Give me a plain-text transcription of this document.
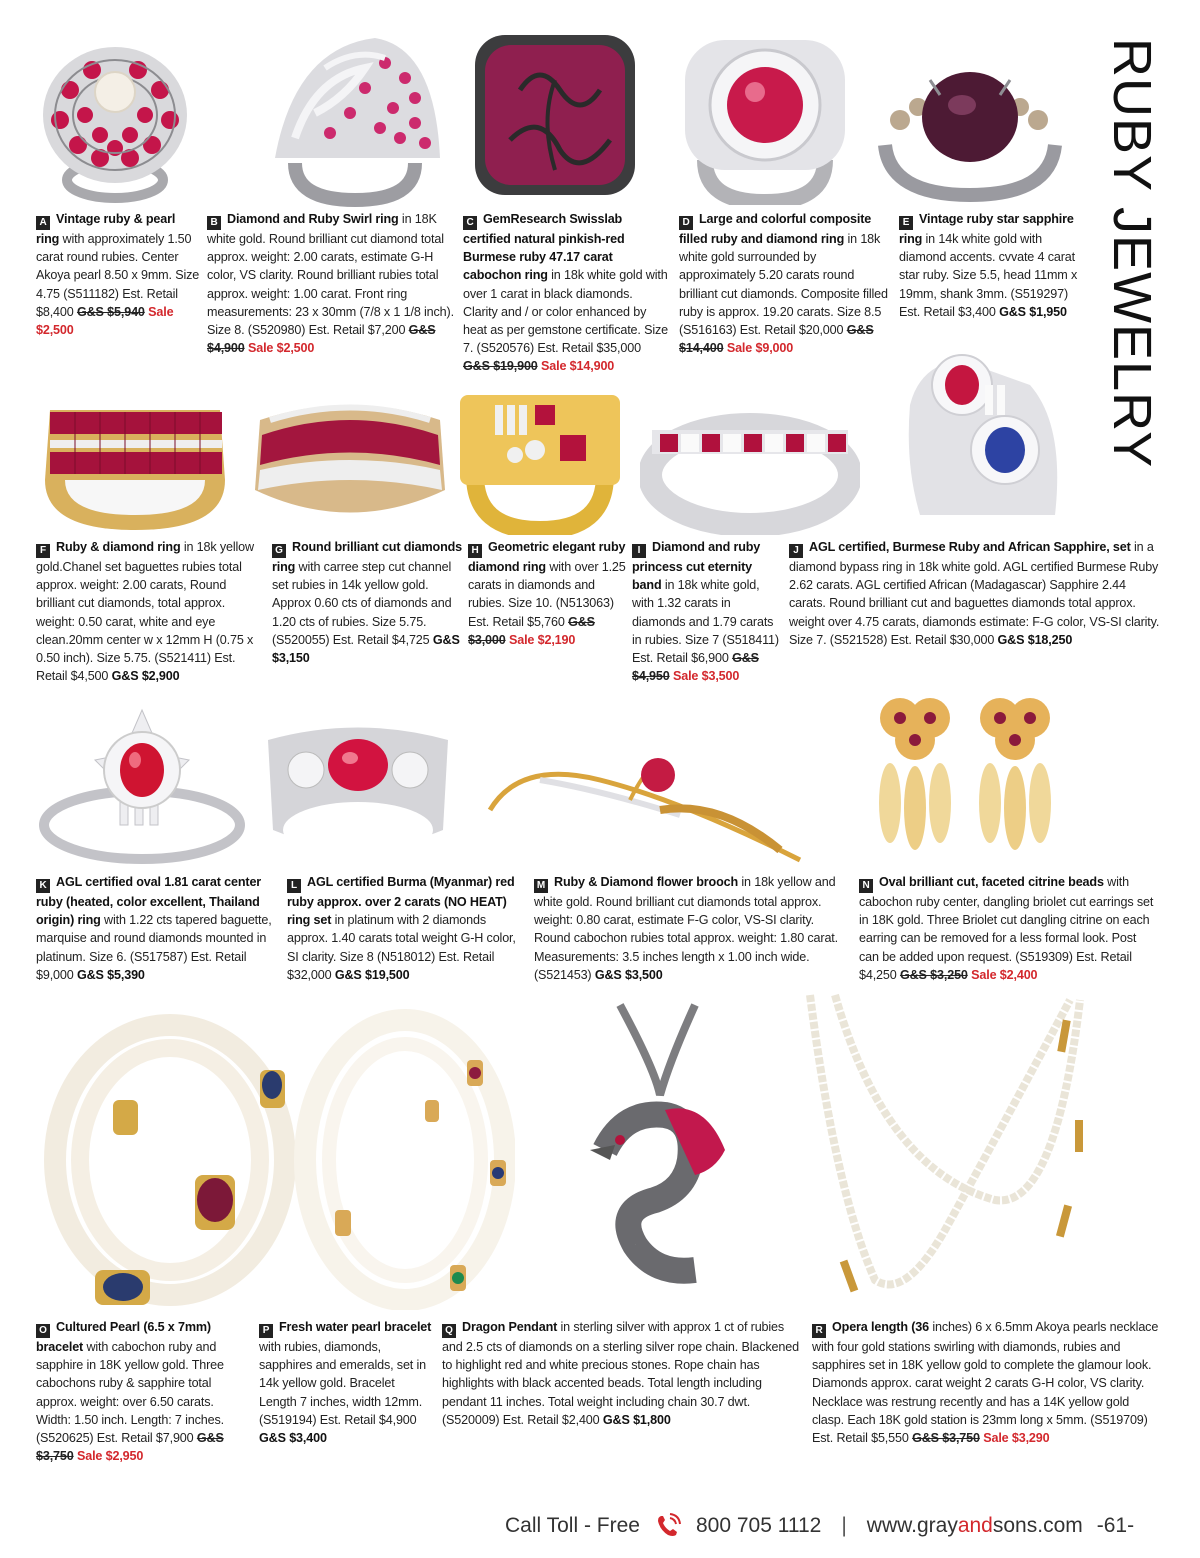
RUBY JEWELRY
A Vintage ruby & pearl ring with approximately 1.50 carat round rubies. Center Akoya pearl 8.50 x 9mm. Size 4.75 (S511182) Est. Retail $8,400 G&S $5,940 Sale $2,500
B Diamond and Ruby Swirl ring in 18K white gold. Round brilliant cut diamond total approx. weight: 2.00 carats, estimate G-H color, VS clarity. Round brilliant rubies total approx. weight: 1.00 carat. Front ring measurements: 23 x 30mm (7/8 x 1 1/8 inch). Size 8. (S520980) Est. Retail $7,200 G&S $4,900 Sale $2,500
C GemResearch Swisslab certified natural pinkish-red Burmese ruby 47.17 carat cabochon ring in 18k white gold with over 1 carat in black diamonds. Clarity and / or color enhanced by heat as per gemstone certificate. Size 7. (S520576) Est. Retail $35,000 G&S $19,900 Sale $14,900
D Large and colorful composite filled ruby and diamond ring in 18k white gold surrounded by approximately 5.20 carats round brilliant cut diamonds. Composite filled ruby is approx. 19.20 carats. Size 8.5 (S516163) Est. Retail $20,000 G&S $14,400 Sale $9,000
E Vintage ruby star sapphire ring in 14k white gold with diamond accents. cvvate 4 carat star ruby. Size 5.5, head 11mm x 19mm, shank 3mm. (S519297) Est. Retail $3,400 G&S $1,950
F Ruby & diamond ring in 18k yellow gold.Chanel set baguettes rubies total approx. weight: 2.00 carats, Round brilliant cut diamonds, total approx. weight: 0.50 carat, white and eye clean.20mm center w x 12mm H (0.75 x 0.50 inch). Size 5.75. (S521411) Est. Retail $4,500 G&S $2,900
G Round brilliant cut diamonds ring with carree step cut channel set rubies in 14k yellow gold. Approx 0.60 cts of diamonds and 1.20 cts of rubies. Size 5.75. (S520055) Est. Retail $4,725 G&S $3,150
H Geometric elegant ruby diamond ring with over 1.25 carats in diamonds and rubies. Size 10. (N513063) Est. Retail $5,760 G&S $3,000 Sale $2,190
I Diamond and ruby princess cut eternity band in 18k white gold, with 1.32 carats in diamonds and 1.79 carats in rubies. Size 7 (S518411) Est. Retail $6,900 G&S $4,950 Sale $3,500
J AGL certified, Burmese Ruby and African Sapphire, set in a diamond bypass ring in 18k white gold. AGL certified Burmese Ruby 2.62 carats. AGL certified African (Madagascar) Sapphire 2.44 carats. Round brilliant cut and baguettes diamonds total approx. weight over 4.75 carats, diamonds estimate: F-G color, VS-SI clarity. Size 7. (S521528) Est. Retail $30,000 G&S $18,250
K AGL certified oval 1.81 carat center ruby (heated, color excellent, Thailand origin) ring with 1.22 cts tapered baguette, marquise and round diamonds mounted in platinum. Size 6. (S517587) Est. Retail $9,000 G&S $5,390
L AGL certified Burma (Myanmar) red ruby approx. over 2 carats (NO HEAT) ring set in platinum with 2 diamonds approx. 1.40 carats total weight G-H color, SI clarity. Size 8 (N518012) Est. Retail $32,000 G&S $19,500
M Ruby & Diamond flower brooch in 18k yellow and white gold. Round brilliant cut diamonds total approx. weight: 0.80 carat, estimate F-G color, VS-SI clarity. Round cabochon rubies total approx. weight: 1.80 carat. Measurements: 3.5 inches length x 1.00 inch wide. (S521453) G&S $3,500
N Oval brilliant cut, faceted citrine beads with cabochon ruby center, dangling briolet cut earrings set in 18K gold. Three Briolet cut dangling citrine on each earring can be removed for a less formal look. Post can be added upon request. (S519309) Est. Retail $4,250 G&S $3,250 Sale $2,400
O Cultured Pearl (6.5 x 7mm) bracelet with cabochon ruby and sapphire in 18K yellow gold. Three cabochons ruby & sapphire total approx. weight: over 6.50 carats. Width: 1.50 inch. Length: 7 inches. (S520625) Est. Retail $7,900 G&S $3,750 Sale $2,950
P Fresh water pearl bracelet with rubies, diamonds, sapphires and emeralds, set in 14k yellow gold. Bracelet Length 7 inches, width 12mm. (S519194) Est. Retail $4,900 G&S $3,400
Q Dragon Pendant in sterling silver with approx 1 ct of rubies and 2.5 cts of diamonds on a sterling silver rope chain. Blackened to highlight red and white precious stones. Rope chain has highlights with black accented beads. Total length including pendant 11 inches. Total weight including chain 30.7 dwt. (S520009) Est. Retail $2,400 G&S $1,800
R Opera length (36 inches) 6 x 6.5mm Akoya pearls necklace with four gold stations swirling with diamonds, rubies and sapphires set in 18K yellow gold to complete the glamour look. Diamonds approx. carat weight 2 carats G-H color, VS clarity. Necklace was restrung recently and has a 14K yellow gold clasp. Each 18K gold station is 23mm long x 5mm. (S519709) Est. Retail $5,550 G&S $3,750 Sale $3,290
Call Toll - Free	800 705 1112 | www.grayandsons.com -61-
